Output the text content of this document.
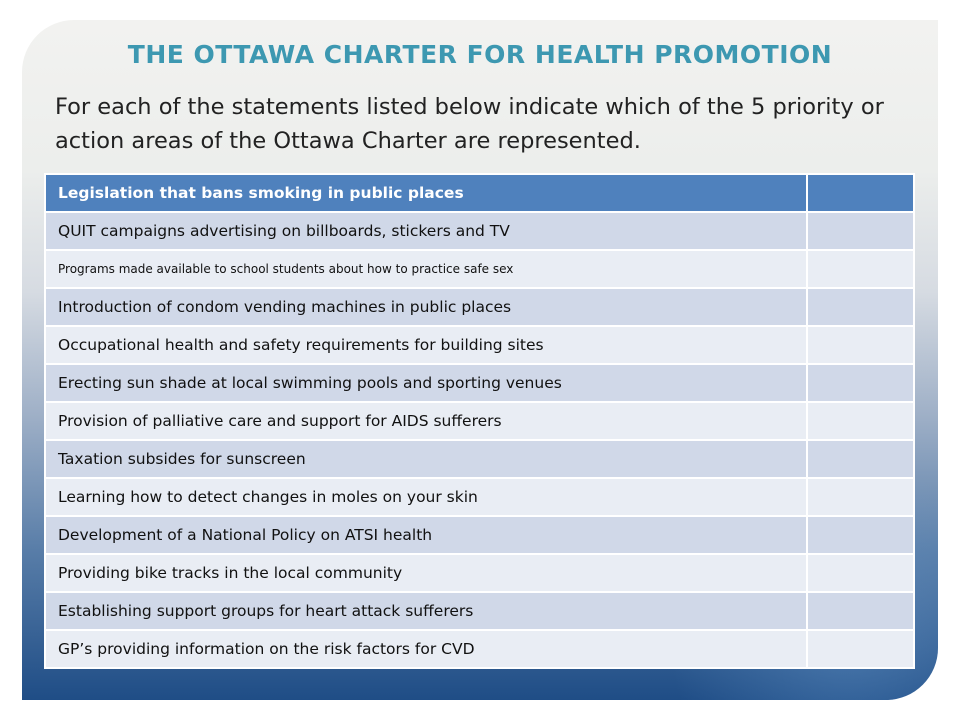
THE OTTAWA CHARTER FOR HEALTH PROMOTION

For each of the statements listed below indicate which of the 5 priority or action areas of the Ottawa Charter are represented.

Legislation that bans smoking in public places	
QUIT campaigns advertising on billboards, stickers and TV	
Programs made available to school students about how to practice safe sex	
Introduction of condom vending machines in public places	
Occupational health and safety requirements for building sites	
Erecting sun shade at local swimming pools and sporting venues	
Provision of palliative care and support for AIDS sufferers	
Taxation subsides for sunscreen	
Learning how to detect changes in moles on your skin	
Development of a National Policy on ATSI health	
Providing bike tracks in the local community	
Establishing support groups for heart attack sufferers	
GP’s providing information on the risk factors for CVD	
